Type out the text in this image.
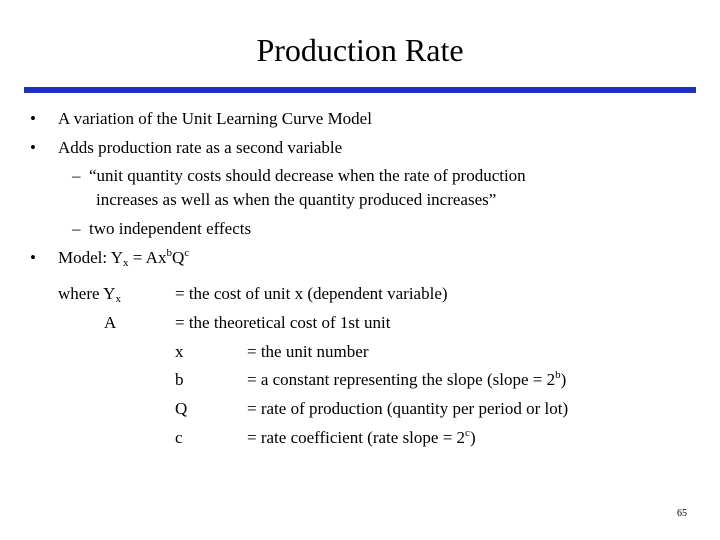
Production Rate
• A variation of the Unit Learning Curve Model
• Adds production rate as a second variable
– “unit quantity costs should decrease when the rate of production
increases as well as when the quantity produced increases”
– two independent effects
• Model: $Y_x = Ax^bQ^c$
where $Y_x$	= the cost of unit x (dependent variable)
A	= the theoretical cost of 1st unit
x	= the unit number
b	= a constant representing the slope (slope = $2^b$)
Q	= rate of production (quantity per period or lot)
c	= rate coefficient (rate slope = $2^c$)
65
